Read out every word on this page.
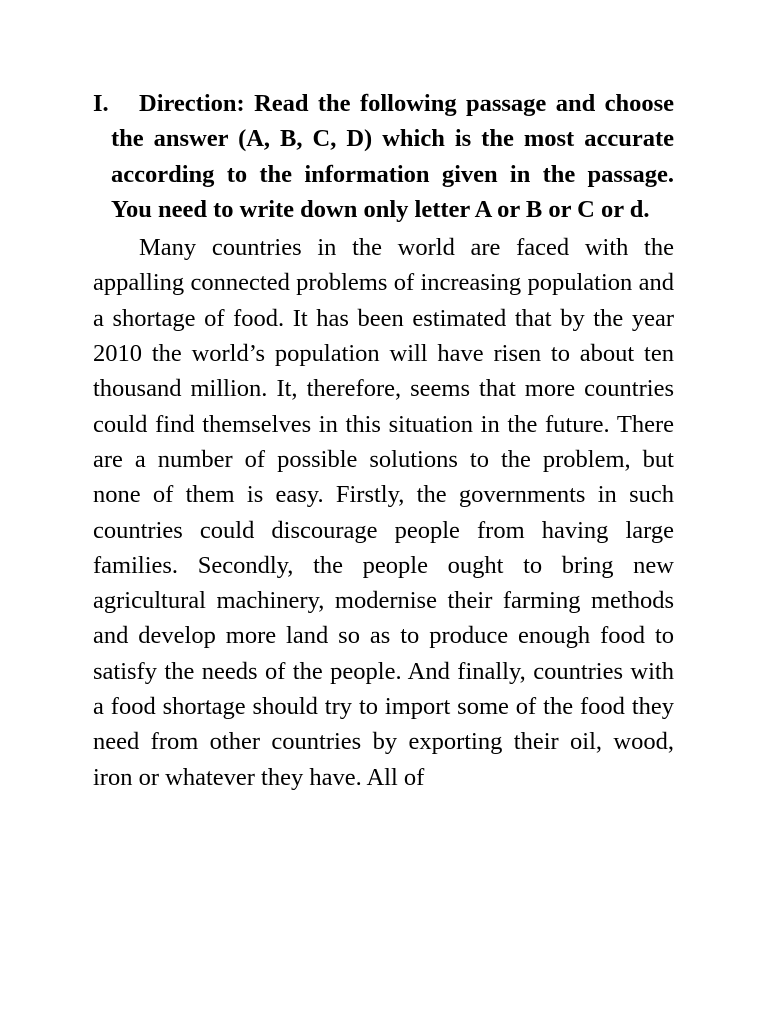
I. Direction: Read the following passage and choose the answer (A, B, C, D) which is the most accurate according to the information given in the passage. You need to write down only letter A or B or C or d.

Many countries in the world are faced with the appalling connected problems of increasing population and a shortage of food. It has been estimated that by the year 2010 the world’s population will have risen to about ten thousand million. It, therefore, seems that more countries could find themselves in this situation in the future. There are a number of possible solutions to the problem, but none of them is easy. Firstly, the governments in such countries could discourage people from having large families. Secondly, the people ought to bring new agricultural machinery, modernise their farming methods and develop more land so as to produce enough food to satisfy the needs of the people. And finally, countries with a food shortage should try to import some of the food they need from other countries by exporting their oil, wood, iron or whatever they have. All of
